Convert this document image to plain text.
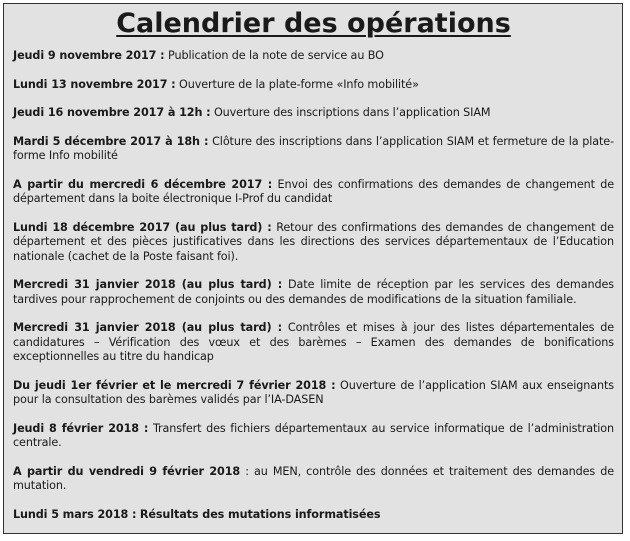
Calendrier des opérations
Jeudi 9 novembre 2017 : Publication de la note de service au BO
Lundi 13 novembre 2017 : Ouverture de la plate-forme «Info mobilité»
Jeudi 16 novembre 2017 à 12h : Ouverture des inscriptions dans l’application SIAM
Mardi 5 décembre 2017 à 18h : Clôture des inscriptions dans l’application SIAM et fermeture de la plate-forme Info mobilité
A partir du mercredi 6 décembre 2017 : Envoi des confirmations des demandes de changement de département dans la boite électronique I-Prof du candidat
Lundi 18 décembre 2017 (au plus tard) : Retour des confirmations des demandes de changement de département et des pièces justificatives dans les directions des services départementaux de l’Education nationale (cachet de la Poste faisant foi).
Mercredi 31 janvier 2018 (au plus tard) : Date limite de réception par les services des demandes tardives pour rapprochement de conjoints ou des demandes de modifications de la situation familiale.
Mercredi 31 janvier 2018 (au plus tard) : Contrôles et mises à jour des listes départementales de candidatures – Vérification des vœux et des barèmes – Examen des demandes de bonifications exceptionnelles au titre du handicap
Du jeudi 1er février et le mercredi 7 février 2018 : Ouverture de l’application SIAM aux enseignants pour la consultation des barèmes validés par l’IA-DASEN
Jeudi 8 février 2018 : Transfert des fichiers départementaux au service informatique de l’administration centrale.
A partir du vendredi 9 février 2018 : au MEN, contrôle des données et traitement des demandes de mutation.
Lundi 5 mars 2018 : Résultats des mutations informatisées
